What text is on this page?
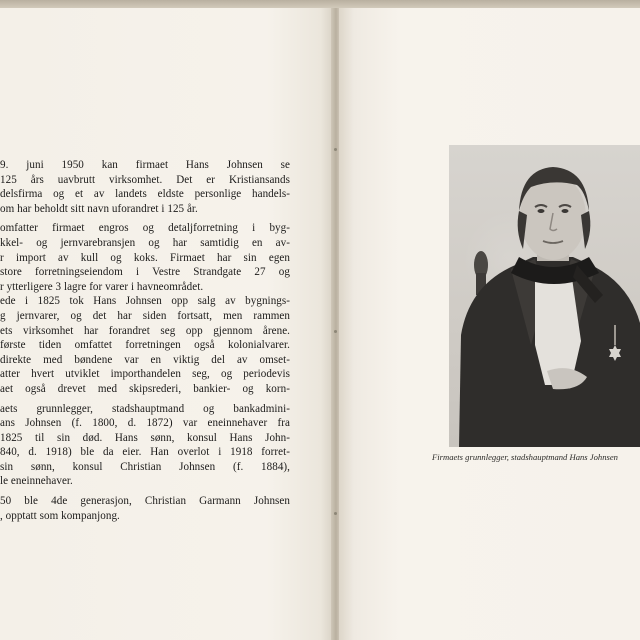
9. juni 1950 kan firmaet Hans Johnsen se
125 års uavbrutt virksomhet. Det er Kristiansands
delsfirma og et av landets eldste personlige handels-
om har beholdt sitt navn uforandret i 125 år.
omfatter firmaet engros og detaljforretning i byg-
kkel- og jernvarebransjen og har samtidig en av-
r import av kull og koks. Firmaet har sin egen
store forretningseiendom i Vestre Strandgate 27 og
r ytterligere 3 lagre for varer i havneområdet.
ede i 1825 tok Hans Johnsen opp salg av bygnings-
g jernvarer, og det har siden fortsatt, men rammen
ets virksomhet har forandret seg opp gjennom årene.
første tiden omfattet forretningen også kolonialvarer.
direkte med bøndene var en viktig del av omset-
atter hvert utviklet importhandelen seg, og periodevis
aet også drevet med skipsrederi, bankier- og korn-
aets grunnlegger, stadshauptmand og bankadmini-
ans Johnsen (f. 1800, d. 1872) var eneinnehaver fra
1825 til sin død. Hans sønn, konsul Hans John-
840, d. 1918) ble da eier. Han overlot i 1918 forret-
sin sønn, konsul Christian Johnsen (f. 1884),
le eneinnehaver.
50 ble 4de generasjon, Christian Garmann Johnsen
, opptatt som kompanjong.
Firmaets grunnlegger, stadshauptmand Hans Johnsen
